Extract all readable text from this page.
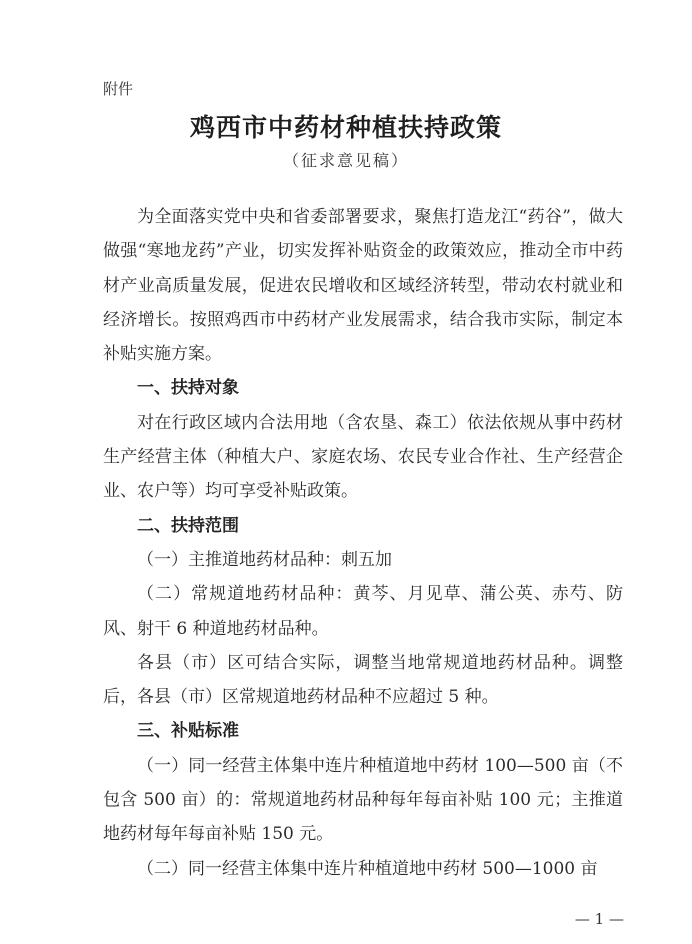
附件
鸡西市中药材种植扶持政策
（征求意见稿）

为全面落实党中央和省委部署要求，聚焦打造龙江“药谷”，做大做强“寒地龙药”产业，切实发挥补贴资金的政策效应，推动全市中药材产业高质量发展，促进农民增收和区域经济转型，带动农村就业和经济增长。按照鸡西市中药材产业发展需求，结合我市实际，制定本补贴实施方案。

一、扶持对象

对在行政区域内合法用地（含农垦、森工）依法依规从事中药材生产经营主体（种植大户、家庭农场、农民专业合作社、生产经营企业、农户等）均可享受补贴政策。

二、扶持范围

（一）主推道地药材品种：刺五加

（二）常规道地药材品种：黄芩、月见草、蒲公英、赤芍、防风、射干 6 种道地药材品种。

各县（市）区可结合实际，调整当地常规道地药材品种。调整后，各县（市）区常规道地药材品种不应超过 5 种。

三、补贴标准

（一）同一经营主体集中连片种植道地中药材 100—500 亩（不包含 500 亩）的：常规道地药材品种每年每亩补贴 100 元；主推道地药材每年每亩补贴 150 元。

（二）同一经营主体集中连片种植道地中药材 500—1000 亩

— 1 —
